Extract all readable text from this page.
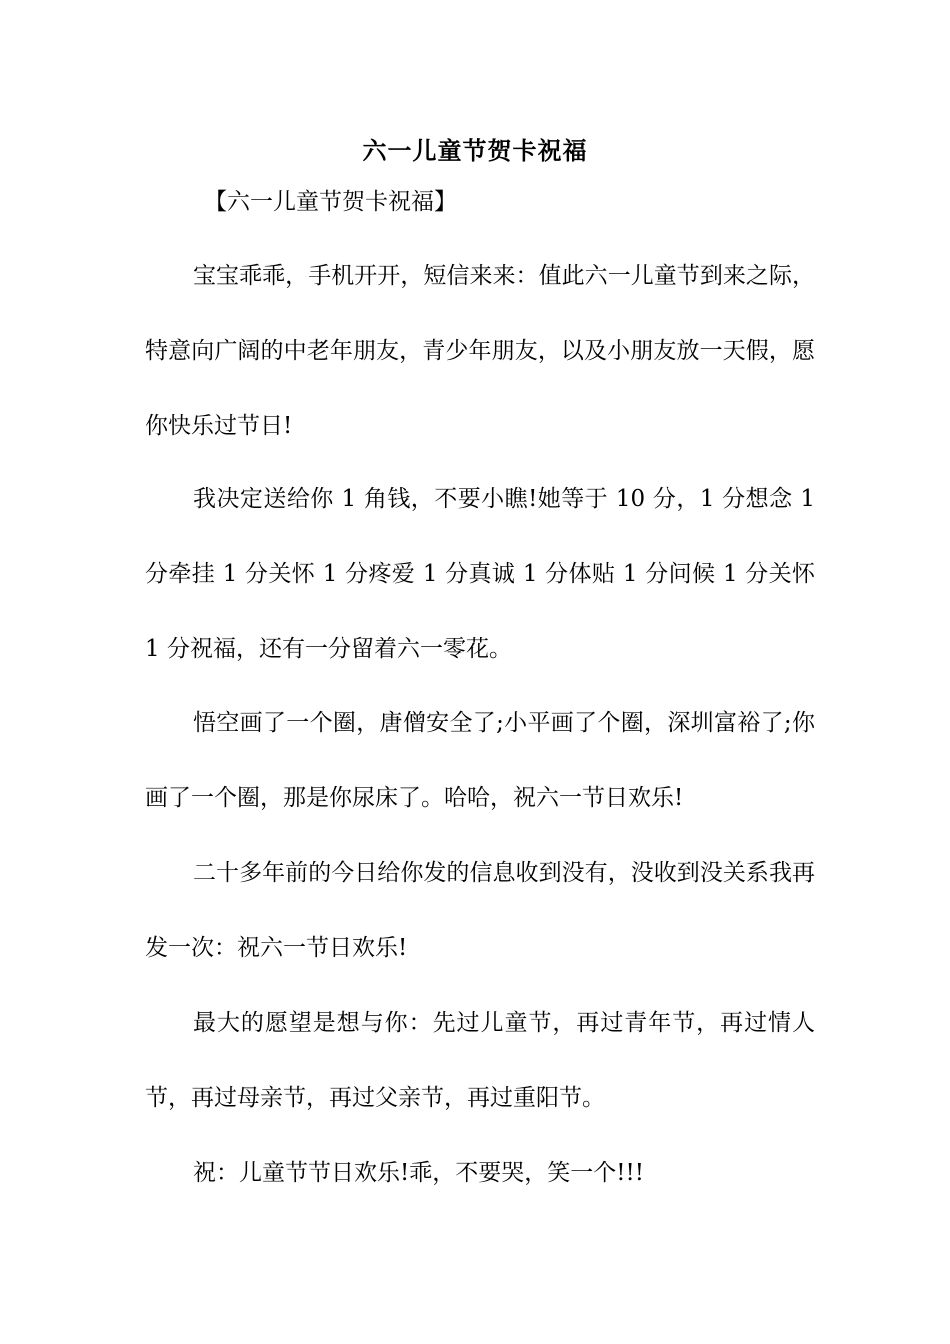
六一儿童节贺卡祝福
【六一儿童节贺卡祝福】

宝宝乖乖，手机开开，短信来来：值此六一儿童节到来之际，特意向广阔的中老年朋友，青少年朋友，以及小朋友放一天假，愿你快乐过节日!

我决定送给你 1 角钱，不要小瞧!她等于 10 分，1 分想念 1 分牵挂 1 分关怀 1 分疼爱 1 分真诚 1 分体贴 1 分问候 1 分关怀 1 分祝福，还有一分留着六一零花。

悟空画了一个圈，唐僧安全了;小平画了个圈，深圳富裕了;你画了一个圈，那是你尿床了。哈哈，祝六一节日欢乐!

二十多年前的今日给你发的信息收到没有，没收到没关系我再发一次：祝六一节日欢乐!

最大的愿望是想与你：先过儿童节，再过青年节，再过情人节，再过母亲节，再过父亲节，再过重阳节。

祝：儿童节节日欢乐!乖，不要哭，笑一个!!!
